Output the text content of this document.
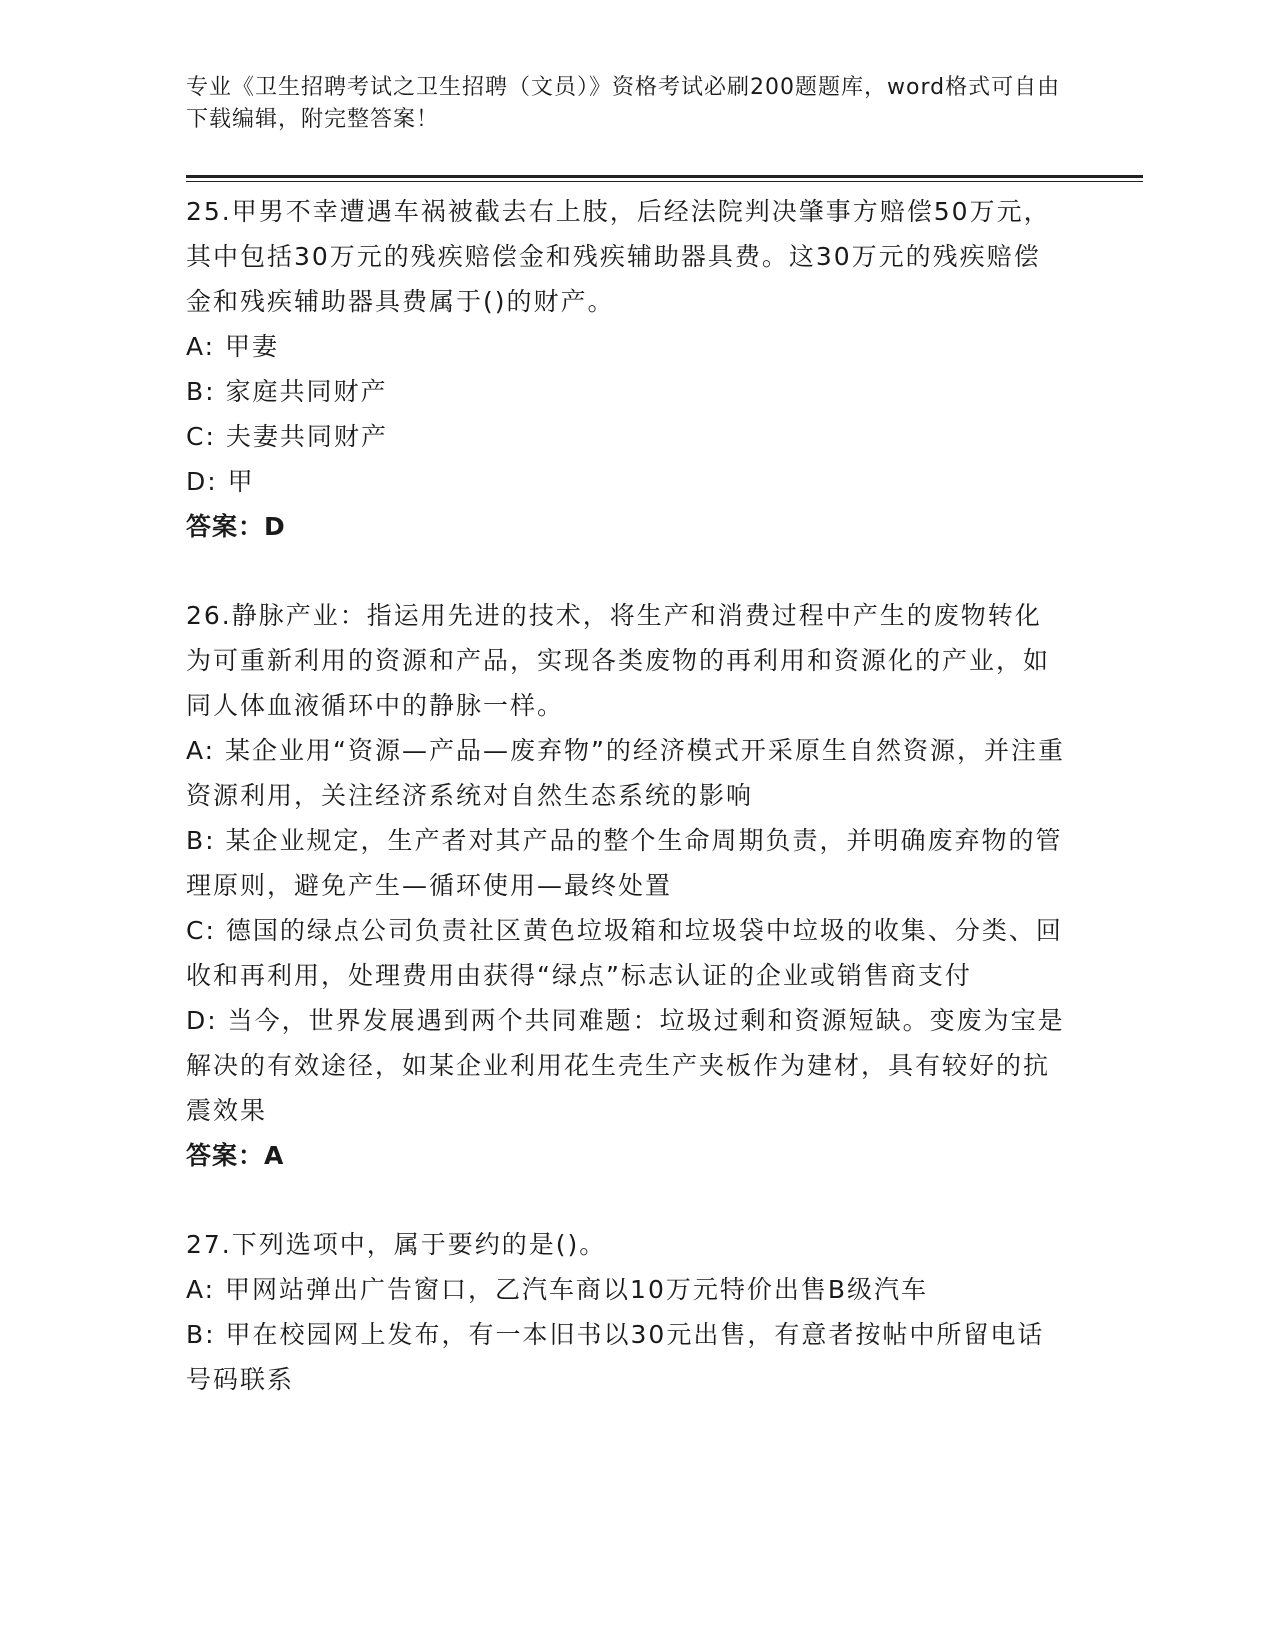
专业《卫生招聘考试之卫生招聘（文员）》资格考试必刷200题题库，word格式可自由下载编辑，附完整答案！

25.甲男不幸遭遇车祸被截去右上肢，后经法院判决肇事方赔偿50万元，其中包括30万元的残疾赔偿金和残疾辅助器具费。这30万元的残疾赔偿金和残疾辅助器具费属于()的财产。

A: 甲妻

B: 家庭共同财产

C: 夫妻共同财产

D: 甲

答案：D

26.静脉产业：指运用先进的技术，将生产和消费过程中产生的废物转化为可重新利用的资源和产品，实现各类废物的再利用和资源化的产业，如同人体血液循环中的静脉一样。

A: 某企业用“资源—产品—废弃物”的经济模式开采原生自然资源，并注重资源利用，关注经济系统对自然生态系统的影响

B: 某企业规定，生产者对其产品的整个生命周期负责，并明确废弃物的管理原则，避免产生—循环使用—最终处置

C: 德国的绿点公司负责社区黄色垃圾箱和垃圾袋中垃圾的收集、分类、回收和再利用，处理费用由获得“绿点”标志认证的企业或销售商支付

D: 当今，世界发展遇到两个共同难题：垃圾过剩和资源短缺。变废为宝是解决的有效途径，如某企业利用花生壳生产夹板作为建材，具有较好的抗震效果

答案：A

27.下列选项中，属于要约的是()。

A: 甲网站弹出广告窗口，乙汽车商以10万元特价出售B级汽车

B: 甲在校园网上发布，有一本旧书以30元出售，有意者按帖中所留电话号码联系
